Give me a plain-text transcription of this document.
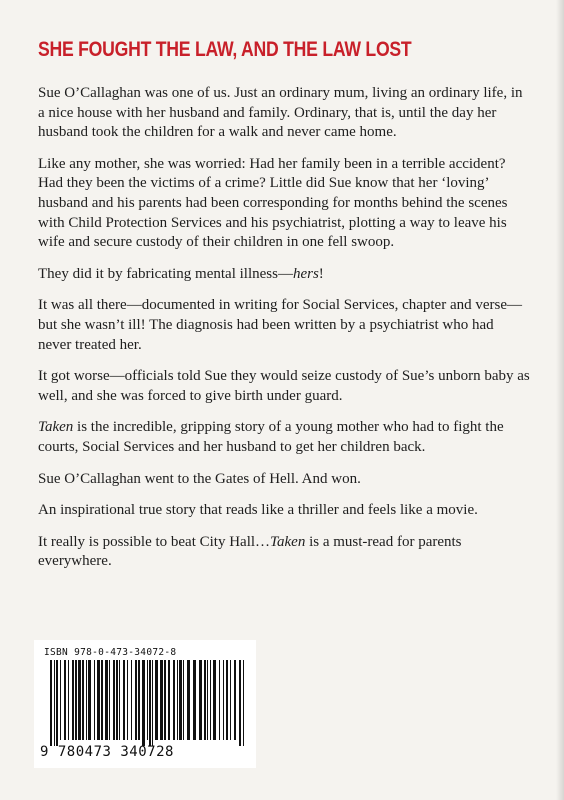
SHE FOUGHT THE LAW, AND THE LAW LOST

Sue O’Callaghan was one of us. Just an ordinary mum, living an ordinary life, in a nice house with her husband and family. Ordinary, that is, until the day her husband took the children for a walk and never came home.

Like any mother, she was worried: Had her family been in a terrible accident? Had they been the victims of a crime? Little did Sue know that her ‘loving’ husband and his parents had been corresponding for months behind the scenes with Child Protection Services and his psychiatrist, plotting a way to leave his wife and secure custody of their children in one fell swoop.

They did it by fabricating mental illness—hers!

It was all there—documented in writing for Social Services, chapter and verse—but she wasn’t ill! The diagnosis had been written by a psychiatrist who had never treated her.

It got worse—officials told Sue they would seize custody of Sue’s unborn baby as well, and she was forced to give birth under guard.

Taken is the incredible, gripping story of a young mother who had to fight the courts, Social Services and her husband to get her children back.

Sue O’Callaghan went to the Gates of Hell. And won.

An inspirational true story that reads like a thriller and feels like a movie.

It really is possible to beat City Hall…Taken is a must-read for parents everywhere.

ISBN 978-0-473-34072-8
9 780473 340728
